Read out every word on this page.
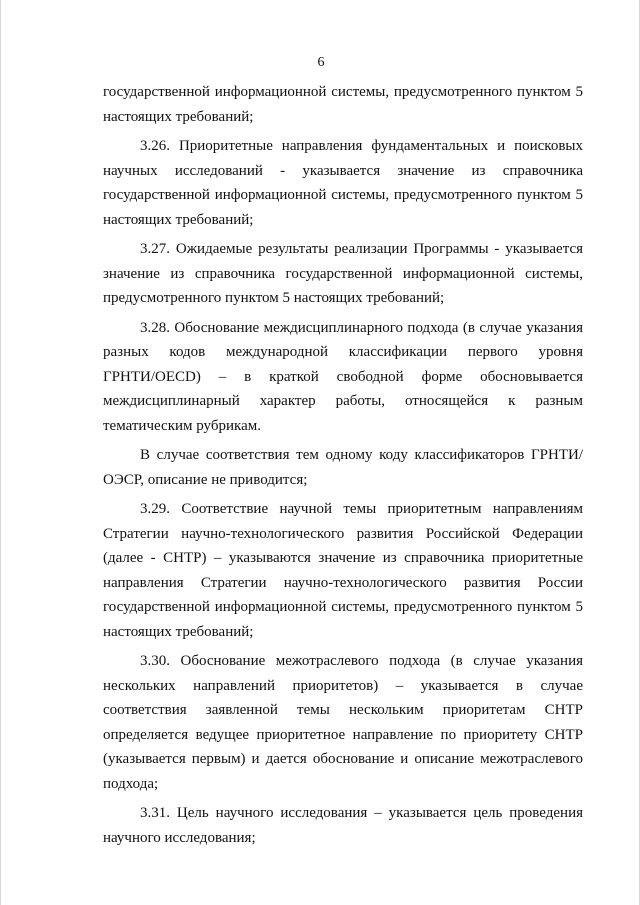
6

государственной информационной системы, предусмотренного пунктом 5 настоящих требований;

3.26. Приоритетные направления фундаментальных и поисковых научных исследований - указывается значение из справочника государственной информационной системы, предусмотренного пунктом 5 настоящих требований;

3.27. Ожидаемые результаты реализации Программы - указывается значение из справочника государственной информационной системы, предусмотренного пунктом 5 настоящих требований;

3.28. Обоснование междисциплинарного подхода (в случае указания разных кодов международной классификации первого уровня ГРНТИ/OECD) – в краткой свободной форме обосновывается междисциплинарный характер работы, относящейся к разным тематическим рубрикам.

В случае соответствия тем одному коду классификаторов ГРНТИ/ОЭСР, описание не приводится;

3.29. Соответствие научной темы приоритетным направлениям Стратегии научно-технологического развития Российской Федерации (далее - СНТР) – указываются значение из справочника приоритетные направления Стратегии научно-технологического развития России государственной информационной системы, предусмотренного пунктом 5 настоящих требований;

3.30. Обоснование межотраслевого подхода (в случае указания нескольких направлений приоритетов) – указывается в случае соответствия заявленной темы нескольким приоритетам СНТР определяется ведущее приоритетное направление по приоритету СНТР (указывается первым) и дается обоснование и описание межотраслевого подхода;

3.31. Цель научного исследования – указывается цель проведения научного исследования;
